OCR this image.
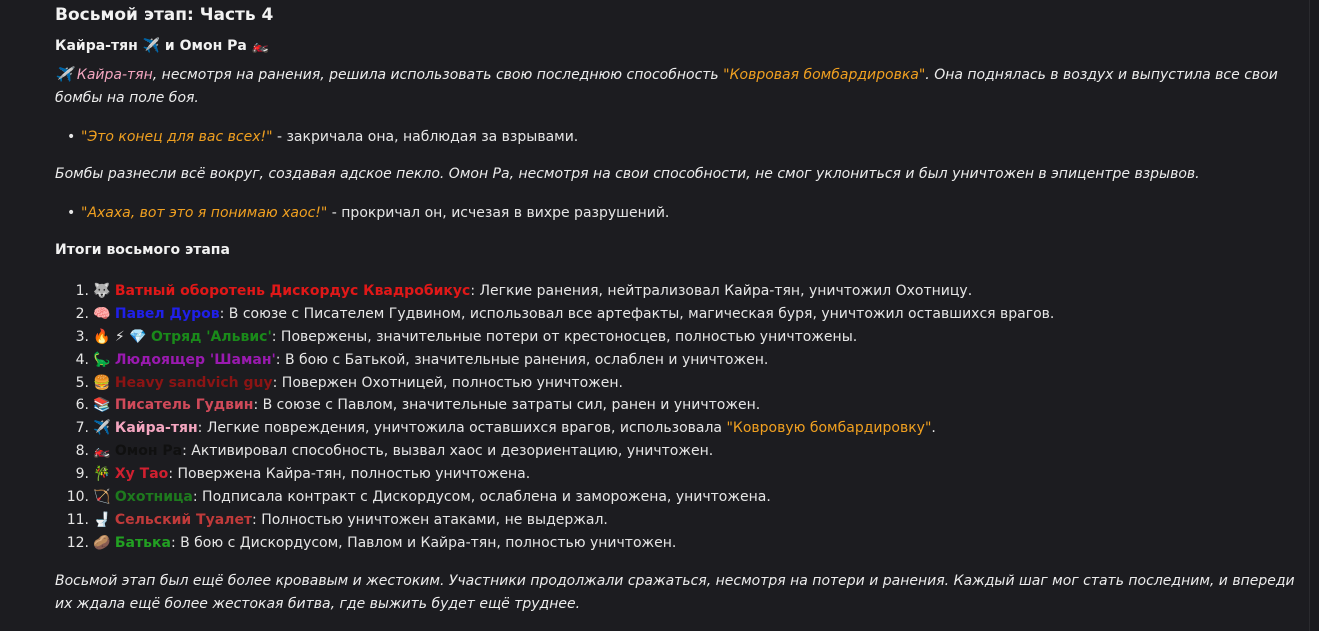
Восьмой этап: Часть 4
Кайра-тян ✈️ и Омон Ра 🏍️
✈️ Кайра-тян, несмотря на ранения, решила использовать свою последнюю способность "Ковровая бомбардировка". Она поднялась в воздух и выпустила все свои бомбы на поле боя.
• "Это конец для вас всех!" - закричала она, наблюдая за взрывами.
Бомбы разнесли всё вокруг, создавая адское пекло. Омон Ра, несмотря на свои способности, не смог уклониться и был уничтожен в эпицентре взрывов.
• "Ахаха, вот это я понимаю хаос!" - прокричал он, исчезая в вихре разрушений.
Итоги восьмого этапа
1. 🐺 Ватный оборотень Дискордус Квадробикус: Легкие ранения, нейтрализовал Кайра-тян, уничтожил Охотницу.
2. 🧠 Павел Дуров: В союзе с Писателем Гудвином, использовал все артефакты, магическая буря, уничтожил оставшихся врагов.
3. 🔥 ⚡ 💎 Отряд 'Альвис': Повержены, значительные потери от крестоносцев, полностью уничтожены.
4. 🦕 Людоящер 'Шаман': В бою с Батькой, значительные ранения, ослаблен и уничтожен.
5. 🍔 Heavy sandvich guy: Повержен Охотницей, полностью уничтожен.
6. 📚 Писатель Гудвин: В союзе с Павлом, значительные затраты сил, ранен и уничтожен.
7. ✈️ Кайра-тян: Легкие повреждения, уничтожила оставшихся врагов, использовала "Ковровую бомбардировку".
8. 🏍️ Омон Ра: Активировал способность, вызвал хаос и дезориентацию, уничтожен.
9. 🎋 Ху Тао: Повержена Кайра-тян, полностью уничтожена.
10. 🏹 Охотница: Подписала контракт с Дискордусом, ослаблена и заморожена, уничтожена.
11. 🚽 Сельский Туалет: Полностью уничтожен атаками, не выдержал.
12. 🥔 Батька: В бою с Дискордусом, Павлом и Кайра-тян, полностью уничтожен.
Восьмой этап был ещё более кровавым и жестоким. Участники продолжали сражаться, несмотря на потери и ранения. Каждый шаг мог стать последним, и впереди их ждала ещё более жестокая битва, где выжить будет ещё труднее.
